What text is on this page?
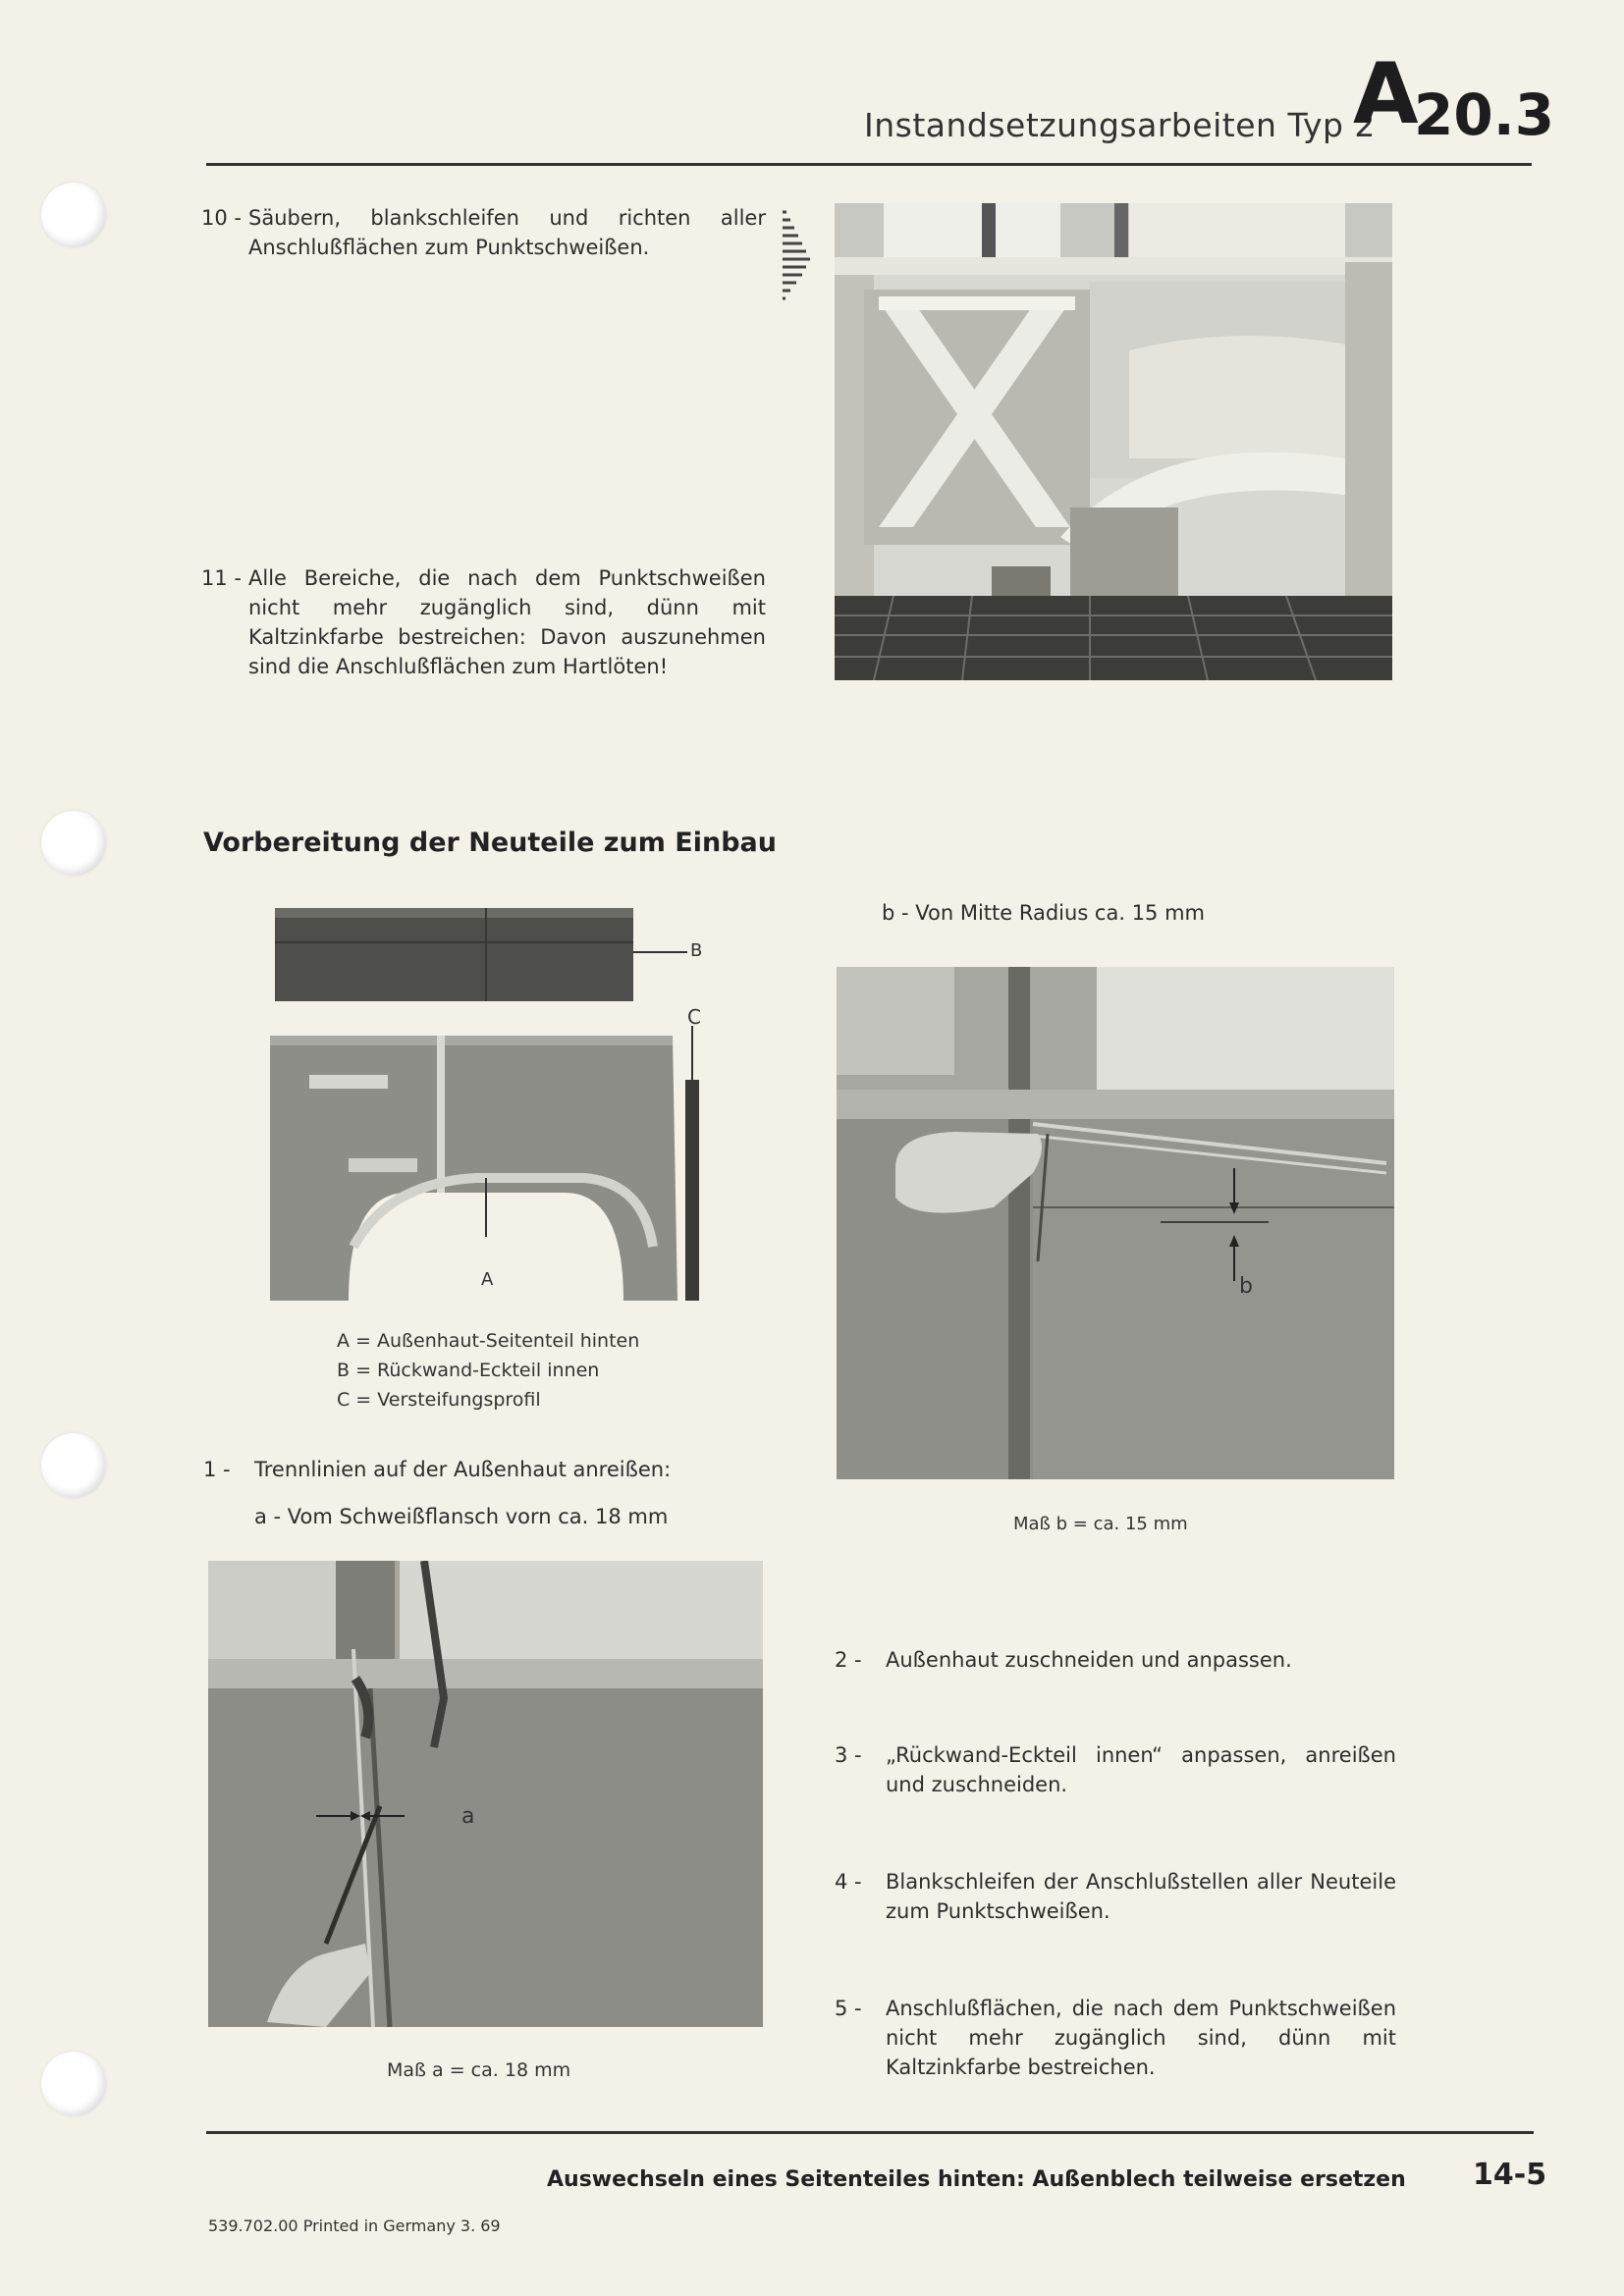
Instandsetzungsarbeiten Typ 2
A
20.3
10 - Säubern, blankschleifen und richten aller Anschlußflächen zum Punktschweißen.
11 - Alle Bereiche, die nach dem Punktschweißen nicht mehr zugänglich sind, dünn mit Kaltzinkfarbe bestreichen: Davon auszunehmen sind die Anschlußflächen zum Hartlöten!
Vorbereitung der Neuteile zum Einbau
B
C
A
A = Außenhaut-Seitenteil hinten
B = Rückwand-Eckteil innen
C = Versteifungsprofil
1 - Trennlinien auf der Außenhaut anreißen:
a - Vom Schweißflansch vorn ca. 18 mm
b - Von Mitte Radius ca. 15 mm
b
Maß b = ca. 15 mm
a
Maß a = ca. 18 mm
2 - Außenhaut zuschneiden und anpassen.
3 - „Rückwand-Eckteil innen“ anpassen, anreißen und zuschneiden.
4 - Blankschleifen der Anschlußstellen aller Neuteile zum Punktschweißen.
5 - Anschlußflächen, die nach dem Punktschweißen nicht mehr zugänglich sind, dünn mit Kaltzinkfarbe bestreichen.
Auswechseln eines Seitenteiles hinten: Außenblech teilweise ersetzen 14-5
539.702.00 Printed in Germany 3. 69
